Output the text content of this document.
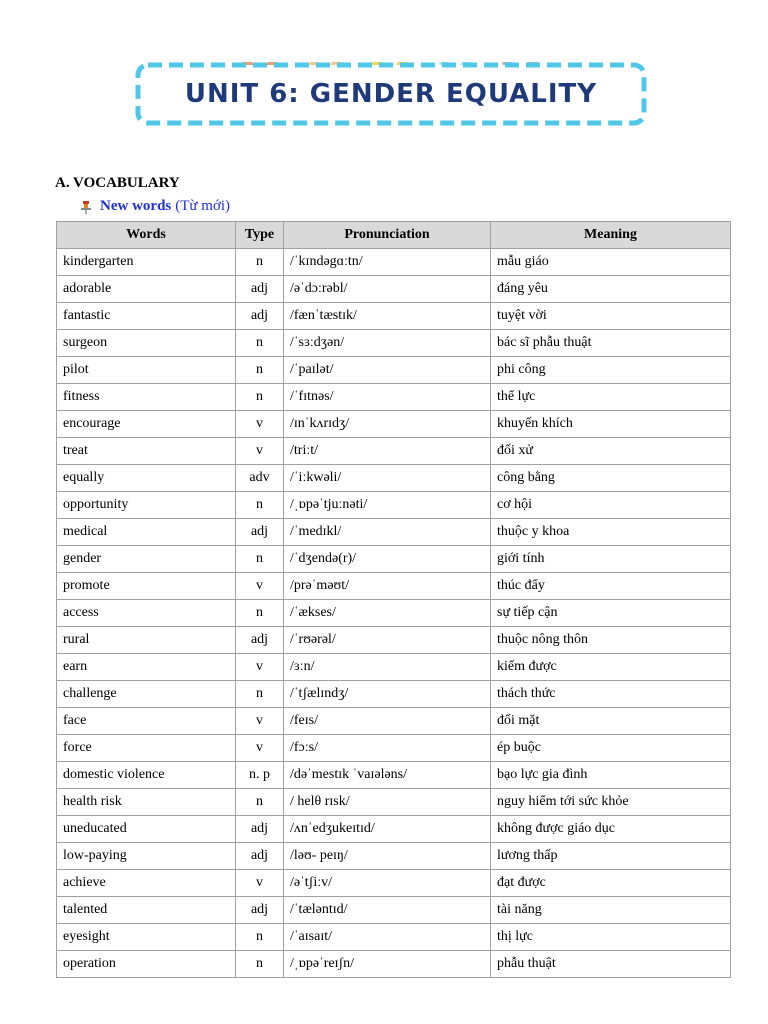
UNIT 6: GENDER EQUALITY
A. VOCABULARY
New words (Từ mới)
Words	Type	Pronunciation	Meaning
kindergarten	n	/ˈkɪndəgɑːtn/	mẫu giáo
adorable	adj	/əˈdɔːrəbl/	đáng yêu
fantastic	adj	/fænˈtæstɪk/	tuyệt vời
surgeon	n	/ˈsɜːdʒən/	bác sĩ phẫu thuật
pilot	n	/ˈpaɪlət/	phi công
fitness	n	/ˈfɪtnəs/	thể lực
encourage	v	/ɪnˈkʌrɪdʒ/	khuyến khích
treat	v	/triːt/	đối xử
equally	adv	/ˈiːkwəli/	công bằng
opportunity	n	/ˌɒpəˈtjuːnəti/	cơ hội
medical	adj	/ˈmedɪkl/	thuộc y khoa
gender	n	/ˈdʒendə(r)/	giới tính
promote	v	/prəˈməʊt/	thúc đẩy
access	n	/ˈækses/	sự tiếp cận
rural	adj	/ˈrʊərəl/	thuộc nông thôn
earn	v	/ɜːn/	kiếm được
challenge	n	/ˈtʃælɪndʒ/	thách thức
face	v	/feɪs/	đối mặt
force	v	/fɔːs/	ép buộc
domestic violence	n. p	/dəˈmestɪk ˈvaɪələns/	bạo lực gia đình
health risk	n	/ helθ rɪsk/	nguy hiểm tới sức khỏe
uneducated	adj	/ʌnˈedʒukeɪtɪd/	không được giáo dục
low-paying	adj	/ləʊ- peɪŋ/	lương thấp
achieve	v	/əˈtʃiːv/	đạt được
talented	adj	/ˈtæləntɪd/	tài năng
eyesight	n	/ˈaɪsaɪt/	thị lực
operation	n	/ˌɒpəˈreɪʃn/	phẫu thuật
